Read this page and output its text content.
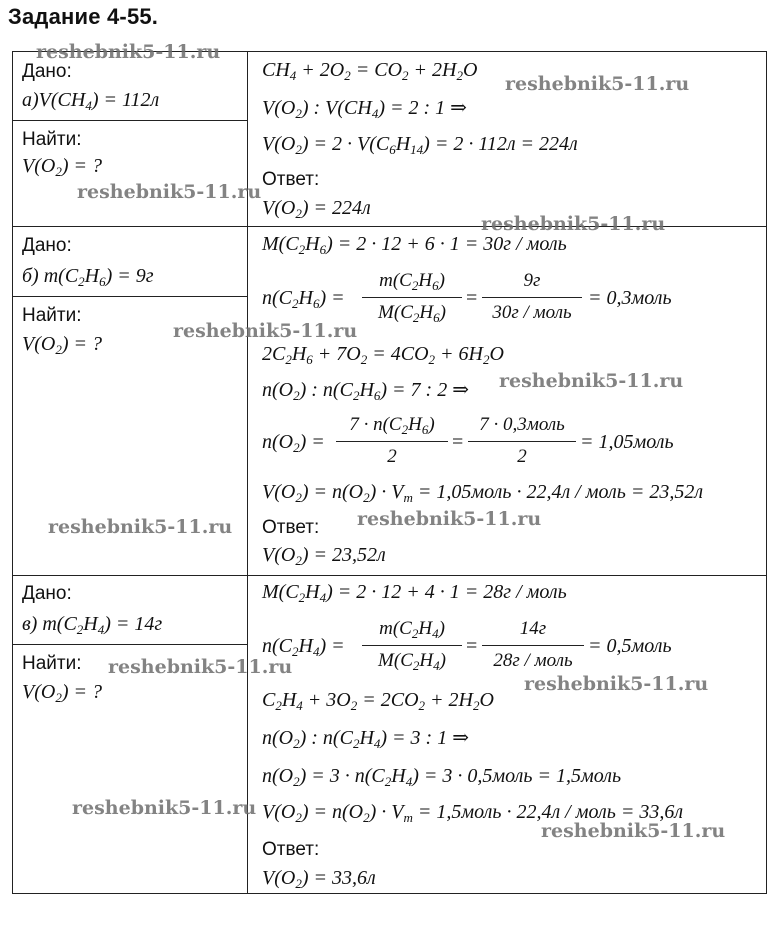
Задание 4-55.
Дано:
$а)V(CH_4) = 112л$
Найти:
$V(O_2)$ = ?
$CH_4 + 2O_2 = CO_2 + 2H_2O$
$V(O_2)$ : $V(CH_4) = 2$ : 1 ⇒
$V(O_2) = 2 \cdot V(C_6H_{14}) = 2 \cdot 112л = 224л$
Ответ:
$V(O_2) = 224л$
Дано:
б) $m(C_2H_6) = 9г$
Найти:
$V(O_2)$ = ?
$M(C_2H_6) = 2 \cdot 12 + 6 \cdot 1 = 30г$ / моль
$n(C_2H_6)$ =
$m(C_2H_6)$
$M(C_2H_6)$
=
9г
30г / моль
= 0,3моль
$2C_2H_6 + 7O_2 = 4CO_2 + 6H_2O$
$n(O_2)$ : $n(C_2H_6) = 7$ : 2 ⇒
$n(O_2)$ =
$7 \cdot n(C_2H_6)$
2
=
7 · 0,3моль
2
= 1,05моль
$V(O_2) = n(O_2) \cdot V_m$ = 1,05моль · 22,4л / моль = 23,52л
Ответ:
$V(O_2) = 23,52л$
Дано:
в) $m(C_2H_4) = 14г$
Найти:
$V(O_2)$ = ?
$M(C_2H_4) = 2 \cdot 12 + 4 \cdot 1 = 28г$ / моль
$n(C_2H_4)$ =
$m(C_2H_4)$
$M(C_2H_4)$
=
14г
28г / моль
= 0,5моль
$C_2H_4 + 3O_2 = 2CO_2 + 2H_2O$
$n(O_2)$ : $n(C_2H_4) = 3$ : 1 ⇒
$n(O_2) = 3 \cdot n(C_2H_4) = 3$ · 0,5моль = 1,5моль
$V(O_2) = n(O_2) \cdot V_m$ = 1,5моль · 22,4л / моль = 33,6л
Ответ:
$V(O_2) = 33,6л$
reshebnik5-11.ru
reshebnik5-11.ru
reshebnik5-11.ru
reshebnik5-11.ru
reshebnik5-11.ru
reshebnik5-11.ru
reshebnik5-11.ru	reshebnik5-11.ru
reshebnik5-11.ru
reshebnik5-11.ru
reshebnik5-11.ru
reshebnik5-11.ru
